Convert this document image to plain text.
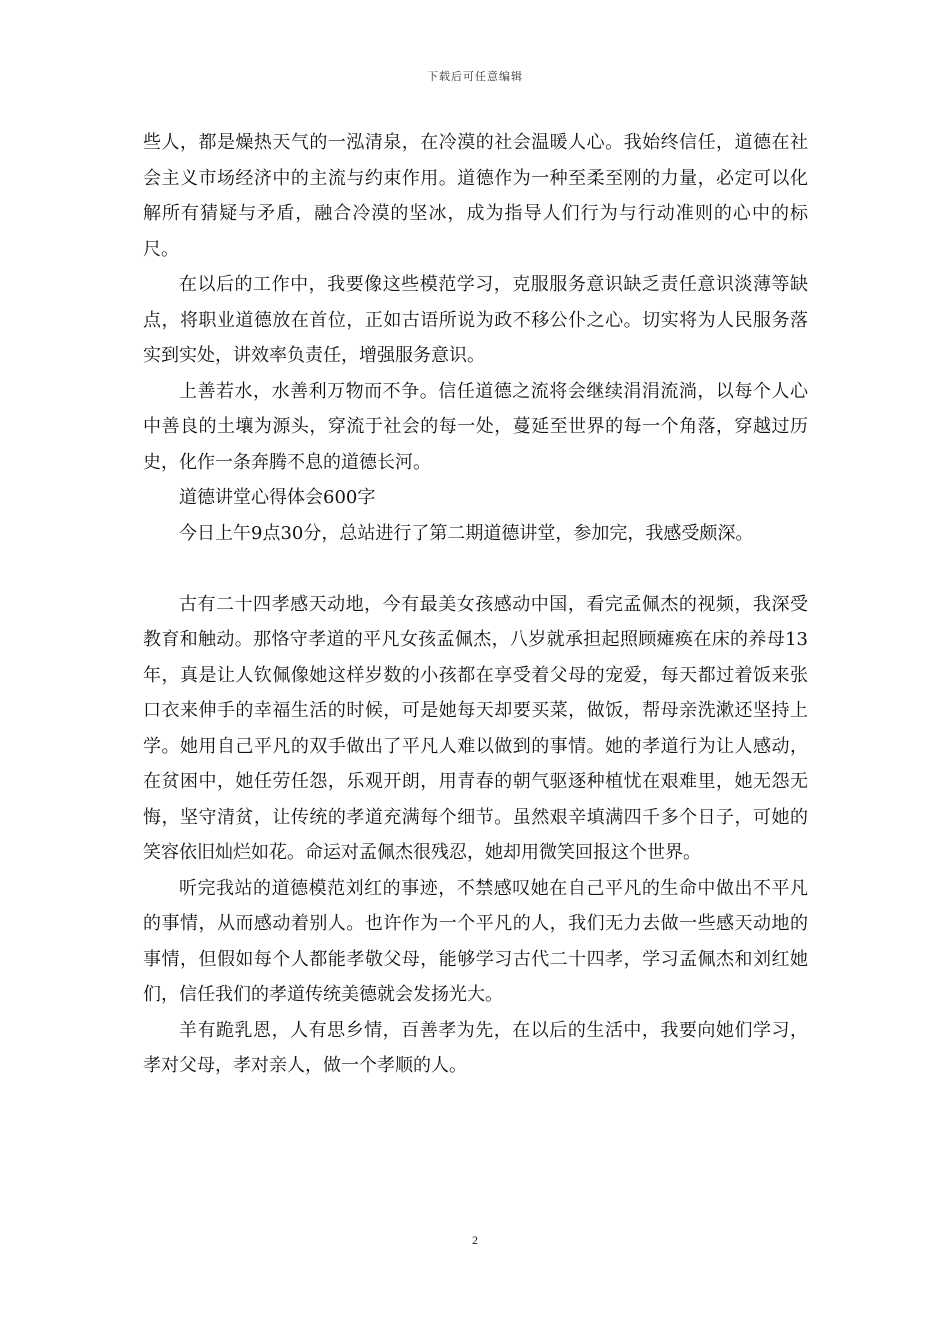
下载后可任意编辑

些人，都是燥热天气的一泓清泉，在冷漠的社会温暖人心。我始终信任，道德在社会主义市场经济中的主流与约束作用。道德作为一种至柔至刚的力量，必定可以化解所有猜疑与矛盾，融合冷漠的坚冰，成为指导人们行为与行动准则的心中的标尺。

在以后的工作中，我要像这些模范学习，克服服务意识缺乏责任意识淡薄等缺点，将职业道德放在首位，正如古语所说为政不移公仆之心。切实将为人民服务落实到实处，讲效率负责任，增强服务意识。

上善若水，水善利万物而不争。信任道德之流将会继续涓涓流淌，以每个人心中善良的土壤为源头，穿流于社会的每一处，蔓延至世界的每一个角落，穿越过历史，化作一条奔腾不息的道德长河。

道德讲堂心得体会600字

今日上午9点30分，总站进行了第二期道德讲堂，参加完，我感受颇深。

古有二十四孝感天动地，今有最美女孩感动中国，看完孟佩杰的视频，我深受教育和触动。那恪守孝道的平凡女孩孟佩杰，八岁就承担起照顾瘫痪在床的养母13年，真是让人钦佩像她这样岁数的小孩都在享受着父母的宠爱，每天都过着饭来张口衣来伸手的幸福生活的时候，可是她每天却要买菜，做饭，帮母亲洗漱还坚持上学。她用自己平凡的双手做出了平凡人难以做到的事情。她的孝道行为让人感动，在贫困中，她任劳任怨，乐观开朗，用青春的朝气驱逐种植忧在艰难里，她无怨无悔，坚守清贫，让传统的孝道充满每个细节。虽然艰辛填满四千多个日子，可她的笑容依旧灿烂如花。命运对孟佩杰很残忍，她却用微笑回报这个世界。

听完我站的道德模范刘红的事迹，不禁感叹她在自己平凡的生命中做出不平凡的事情，从而感动着别人。也许作为一个平凡的人，我们无力去做一些感天动地的事情，但假如每个人都能孝敬父母，能够学习古代二十四孝，学习孟佩杰和刘红她们，信任我们的孝道传统美德就会发扬光大。

羊有跪乳恩，人有思乡情，百善孝为先，在以后的生活中，我要向她们学习，孝对父母，孝对亲人，做一个孝顺的人。

2
